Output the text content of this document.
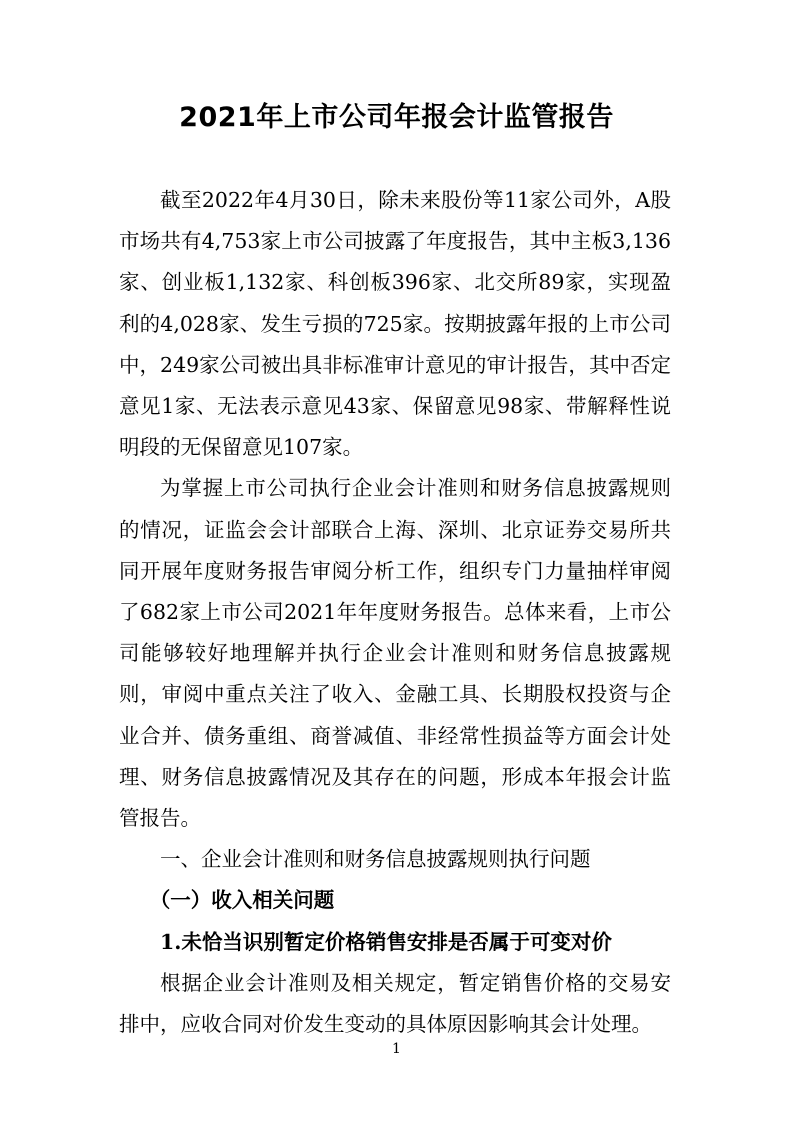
2021年上市公司年报会计监管报告

截至2022年4月30日，除未来股份等11家公司外，A股市场共有4,753家上市公司披露了年度报告，其中主板3,136家、创业板1,132家、科创板396家、北交所89家，实现盈利的4,028家、发生亏损的725家。按期披露年报的上市公司中，249家公司被出具非标准审计意见的审计报告，其中否定意见1家、无法表示意见43家、保留意见98家、带解释性说明段的无保留意见107家。

为掌握上市公司执行企业会计准则和财务信息披露规则的情况，证监会会计部联合上海、深圳、北京证券交易所共同开展年度财务报告审阅分析工作，组织专门力量抽样审阅了682家上市公司2021年年度财务报告。总体来看，上市公司能够较好地理解并执行企业会计准则和财务信息披露规则，审阅中重点关注了收入、金融工具、长期股权投资与企业合并、债务重组、商誉减值、非经常性损益等方面会计处理、财务信息披露情况及其存在的问题，形成本年报会计监管报告。

一、企业会计准则和财务信息披露规则执行问题

（一）收入相关问题

1.未恰当识别暂定价格销售安排是否属于可变对价

根据企业会计准则及相关规定，暂定销售价格的交易安排中，应收合同对价发生变动的具体原因影响其会计处理。

1
